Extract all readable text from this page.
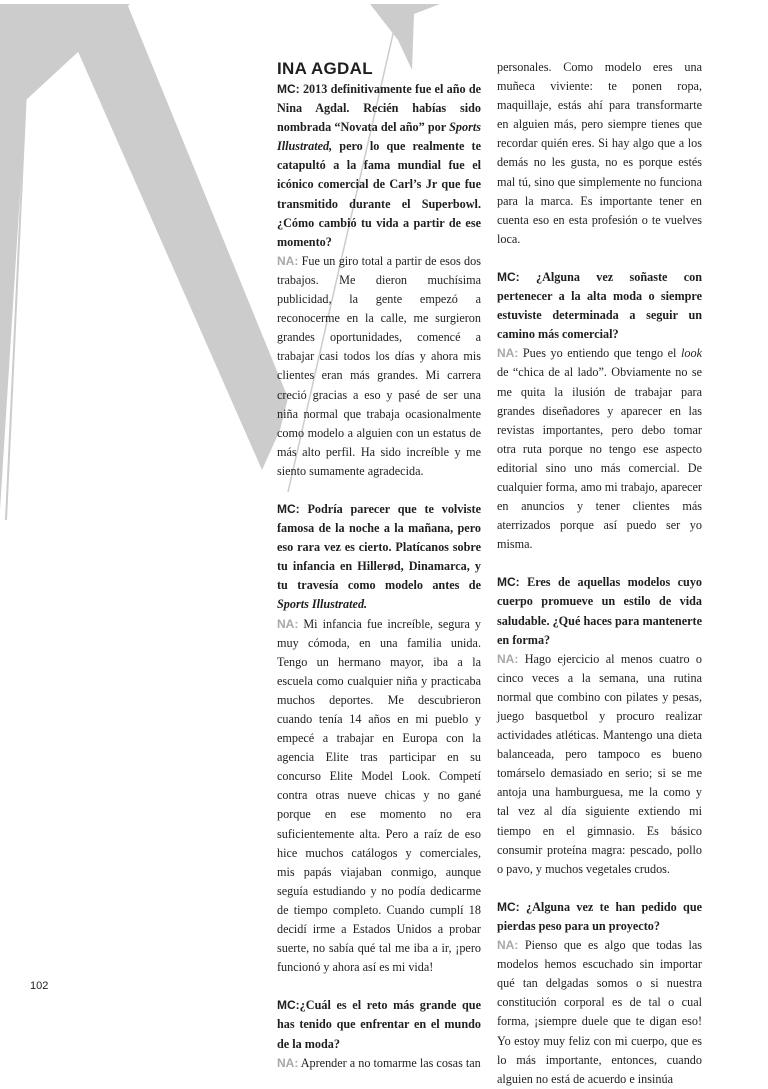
INA AGDAL

MC: 2013 definitivamente fue el año de Nina Agdal. Recién habías sido nombrada “Novata del año” por Sports Illustrated, pero lo que realmente te catapultó a la fama mundial fue el icónico comercial de Carl’s Jr que fue transmitido durante el Superbowl. ¿Cómo cambió tu vida a partir de ese momento?

NA: Fue un giro total a partir de esos dos trabajos. Me dieron muchísima publicidad, la gente empezó a reconocerme en la calle, me surgieron grandes oportunidades, comencé a trabajar casi todos los días y ahora mis clientes eran más grandes. Mi carrera creció gracias a eso y pasé de ser una niña normal que trabaja ocasionalmente como modelo a alguien con un estatus de más alto perfil. Ha sido increíble y me siento sumamente agradecida.

MC: Podría parecer que te volviste famosa de la noche a la mañana, pero eso rara vez es cierto. Platícanos sobre tu infancia en Hillerød, Dinamarca, y tu travesía como modelo antes de Sports Illustrated.

NA: Mi infancia fue increíble, segura y muy cómoda, en una familia unida. Tengo un hermano mayor, iba a la escuela como cualquier niña y practicaba muchos deportes. Me descubrieron cuando tenía 14 años en mi pueblo y empecé a trabajar en Europa con la agencia Elite tras participar en su concurso Elite Model Look. Competí contra otras nueve chicas y no gané porque en ese momento no era suficientemente alta. Pero a raíz de eso hice muchos catálogos y comerciales, mis papás viajaban conmigo, aunque seguía estudiando y no podía dedicarme de tiempo completo. Cuando cumplí 18 decidí irme a Estados Unidos a probar suerte, no sabía qué tal me iba a ir, ¡pero funcionó y ahora así es mi vida!

MC:¿Cuál es el reto más grande que has tenido que enfrentar en el mundo de la moda?

NA: Aprender a no tomarme las cosas tan

personales. Como modelo eres una muñeca viviente: te ponen ropa, maquillaje, estás ahí para transformarte en alguien más, pero siempre tienes que recordar quién eres. Si hay algo que a los demás no les gusta, no es porque estés mal tú, sino que simplemente no funciona para la marca. Es importante tener en cuenta eso en esta profesión o te vuelves loca.

MC: ¿Alguna vez soñaste con pertenecer a la alta moda o siempre estuviste determinada a seguir un camino más comercial?

NA: Pues yo entiendo que tengo el look de “chica de al lado”. Obviamente no se me quita la ilusión de trabajar para grandes diseñadores y aparecer en las revistas importantes, pero debo tomar otra ruta porque no tengo ese aspecto editorial sino uno más comercial. De cualquier forma, amo mi trabajo, aparecer en anuncios y tener clientes más aterrizados porque así puedo ser yo misma.

MC: Eres de aquellas modelos cuyo cuerpo promueve un estilo de vida saludable. ¿Qué haces para mantenerte en forma?

NA: Hago ejercicio al menos cuatro o cinco veces a la semana, una rutina normal que combino con pilates y pesas, juego basquetbol y procuro realizar actividades atléticas. Mantengo una dieta balanceada, pero tampoco es bueno tomárselo demasiado en serio; si se me antoja una hamburguesa, me la como y tal vez al día siguiente extiendo mi tiempo en el gimnasio. Es básico consumir proteína magra: pescado, pollo o pavo, y muchos vegetales crudos.

MC: ¿Alguna vez te han pedido que pierdas peso para un proyecto?

NA: Pienso que es algo que todas las modelos hemos escuchado sin importar qué tan delgadas somos o si nuestra constitución corporal es de tal o cual forma, ¡siempre duele que te digan eso! Yo estoy muy feliz con mi cuerpo, que es lo más importante, entonces, cuando alguien no está de acuerdo e insinúa

102
